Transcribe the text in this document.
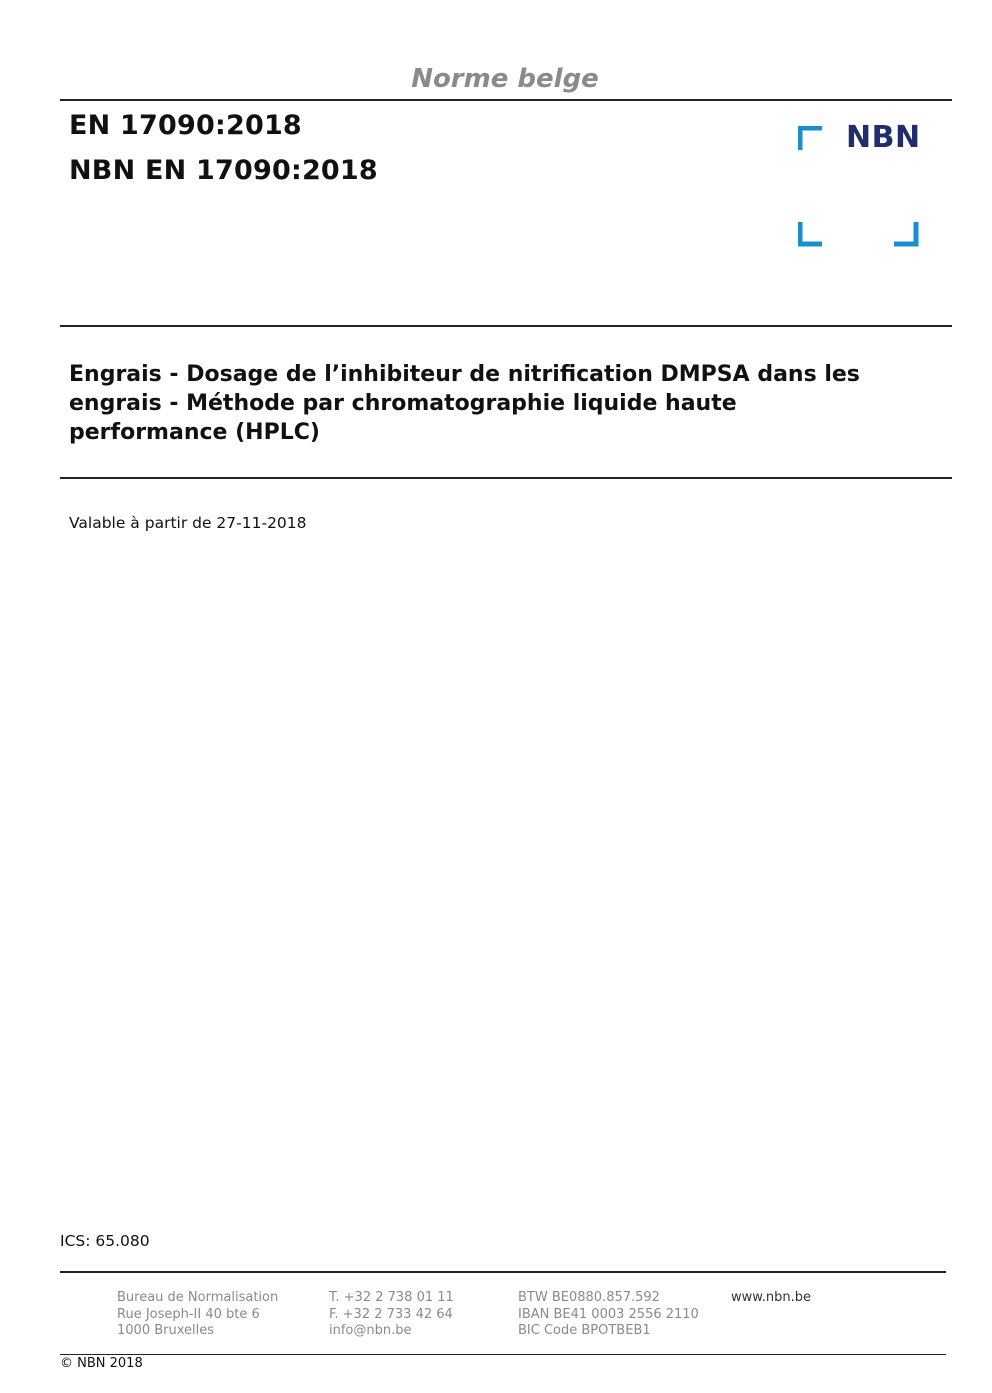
Norme belge
EN 17090:2018
NBN EN 17090:2018
NBN
Engrais - Dosage de l’inhibiteur de nitrification DMPSA dans les
engrais - Méthode par chromatographie liquide haute
performance (HPLC)
Valable à partir de 27-11-2018
ICS: 65.080
Bureau de Normalisation
Rue Joseph-II 40 bte 6
1000 Bruxelles
T. +32 2 738 01 11
F. +32 2 733 42 64
info@nbn.be
BTW BE0880.857.592
IBAN BE41 0003 2556 2110
BIC Code BPOTBEB1
www.nbn.be
© NBN 2018
